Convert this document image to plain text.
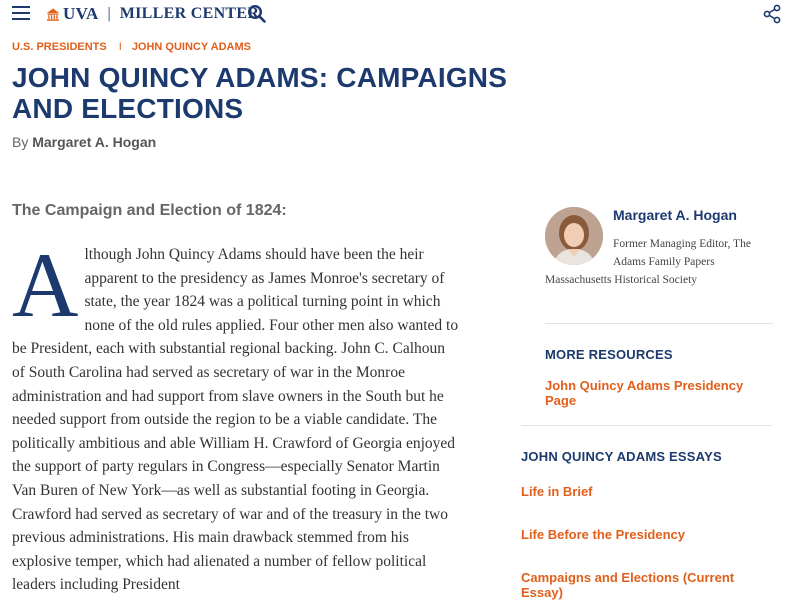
UVA | MILLER CENTER
U.S. PRESIDENTS I JOHN QUINCY ADAMS
JOHN QUINCY ADAMS: CAMPAIGNS AND ELECTIONS
By Margaret A. Hogan
The Campaign and Election of 1824:
Although John Quincy Adams should have been the heir apparent to the presidency as James Monroe's secretary of state, the year 1824 was a political turning point in which none of the old rules applied. Four other men also wanted to be President, each with substantial regional backing. John C. Calhoun of South Carolina had served as secretary of war in the Monroe administration and had support from slave owners in the South but he needed support from outside the region to be a viable candidate. The politically ambitious and able William H. Crawford of Georgia enjoyed the support of party regulars in Congress—especially Senator Martin Van Buren of New York—as well as substantial footing in Georgia. Crawford had served as secretary of war and of the treasury in the two previous administrations. His main drawback stemmed from his explosive temper, which had alienated a number of fellow political leaders including President
Margaret A. Hogan
Former Managing Editor, The Adams Family Papers
Massachusetts Historical Society
MORE RESOURCES
John Quincy Adams Presidency Page
JOHN QUINCY ADAMS ESSAYS
Life in Brief
Life Before the Presidency
Campaigns and Elections (Current Essay)
